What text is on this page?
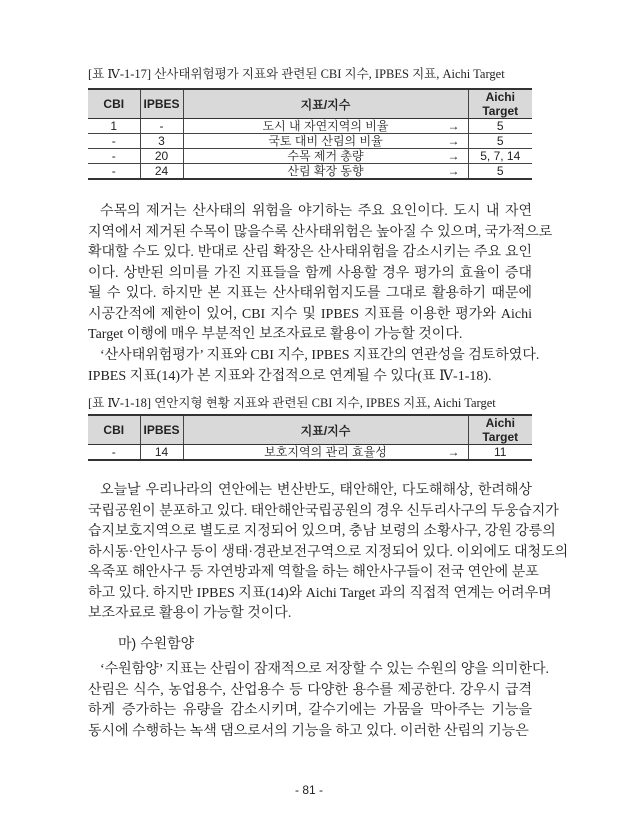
[표 Ⅳ-1-17] 산사태위험평가 지표와 관련된 CBI 지수, IPBES 지표, Aichi Target
CBI	IPBES	지표/지수	Aichi
Target
1	-	도시 내 자연지역의 비율 →	5
-	3	국토 대비 산림의 비율 →	5
-	20	수목 제거 총량 →	5, 7, 14
-	24	산림 확장 동향 →	5
수목의 제거는 산사태의 위험을 야기하는 주요 요인이다. 도시 내 자연
지역에서 제거된 수목이 많을수록 산사태위험은 높아질 수 있으며, 국가적으로
확대할 수도 있다. 반대로 산림 확장은 산사태위험을 감소시키는 주요 요인
이다. 상반된 의미를 가진 지표들을 함께 사용할 경우 평가의 효율이 증대
될 수 있다. 하지만 본 지표는 산사태위험지도를 그대로 활용하기 때문에
시공간적에 제한이 있어, CBI 지수 및 IPBES 지표를 이용한 평가와 Aichi
Target 이행에 매우 부분적인 보조자료로 활용이 가능할 것이다.
‘산사태위험평가’ 지표와 CBI 지수, IPBES 지표간의 연관성을 검토하였다.
IPBES 지표(14)가 본 지표와 간접적으로 연계될 수 있다(표 Ⅳ-1-18).
[표 Ⅳ-1-18] 연안지형 현황 지표와 관련된 CBI 지수, IPBES 지표, Aichi Target
CBI	IPBES	지표/지수	Aichi
Target
-	14	보호지역의 관리 효율성 →	11
오늘날 우리나라의 연안에는 변산반도, 태안해안, 다도해해상, 한려해상
국립공원이 분포하고 있다. 태안해안국립공원의 경우 신두리사구의 두웅습지가
습지보호지역으로 별도로 지정되어 있으며, 충남 보령의 소황사구, 강원 강릉의
하시동·안인사구 등이 생태·경관보전구역으로 지정되어 있다. 이외에도 대청도의
옥죽포 해안사구 등 자연방과제 역할을 하는 해안사구들이 전국 연안에 분포
하고 있다. 하지만 IPBES 지표(14)와 Aichi Target 과의 직접적 연계는 어려우며
보조자료로 활용이 가능할 것이다.
마) 수원함양
‘수원함양’ 지표는 산림이 잠재적으로 저장할 수 있는 수원의 양을 의미한다.
산림은 식수, 농업용수, 산업용수 등 다양한 용수를 제공한다. 강우시 급격
하게 증가하는 유량을 감소시키며, 갈수기에는 가뭄을 막아주는 기능을
동시에 수행하는 녹색 댐으로서의 기능을 하고 있다. 이러한 산림의 기능은
- 81 -
